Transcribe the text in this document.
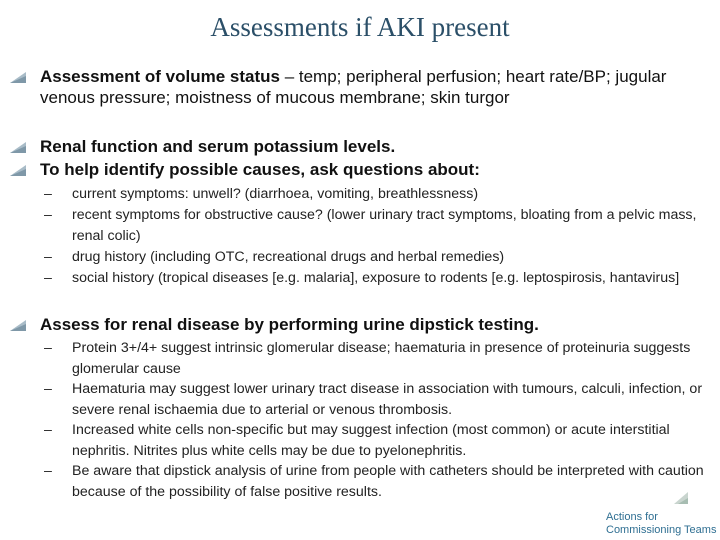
Assessments if AKI present
Assessment of volume status – temp; peripheral perfusion; heart rate/BP; jugular venous pressure; moistness of mucous membrane; skin turgor
Renal function and serum potassium levels.
To help identify possible causes, ask questions about:
– current symptoms: unwell? (diarrhoea, vomiting, breathlessness)
– recent symptoms for obstructive cause? (lower urinary tract symptoms, bloating from a pelvic mass, renal colic)
– drug history (including OTC, recreational drugs and herbal remedies)
– social history (tropical diseases [e.g. malaria], exposure to rodents [e.g. leptospirosis, hantavirus]
Assess for renal disease by performing urine dipstick testing.
– Protein 3+/4+ suggest intrinsic glomerular disease; haematuria in presence of proteinuria suggests glomerular cause
– Haematuria may suggest lower urinary tract disease in association with tumours, calculi, infection, or severe renal ischaemia due to arterial or venous thrombosis.
– Increased white cells non-specific but may suggest infection (most common) or acute interstitial nephritis. Nitrites plus white cells may be due to pyelonephritis.
– Be aware that dipstick analysis of urine from people with catheters should be interpreted with caution because of the possibility of false positive results.
Actions for
Commissioning Teams
